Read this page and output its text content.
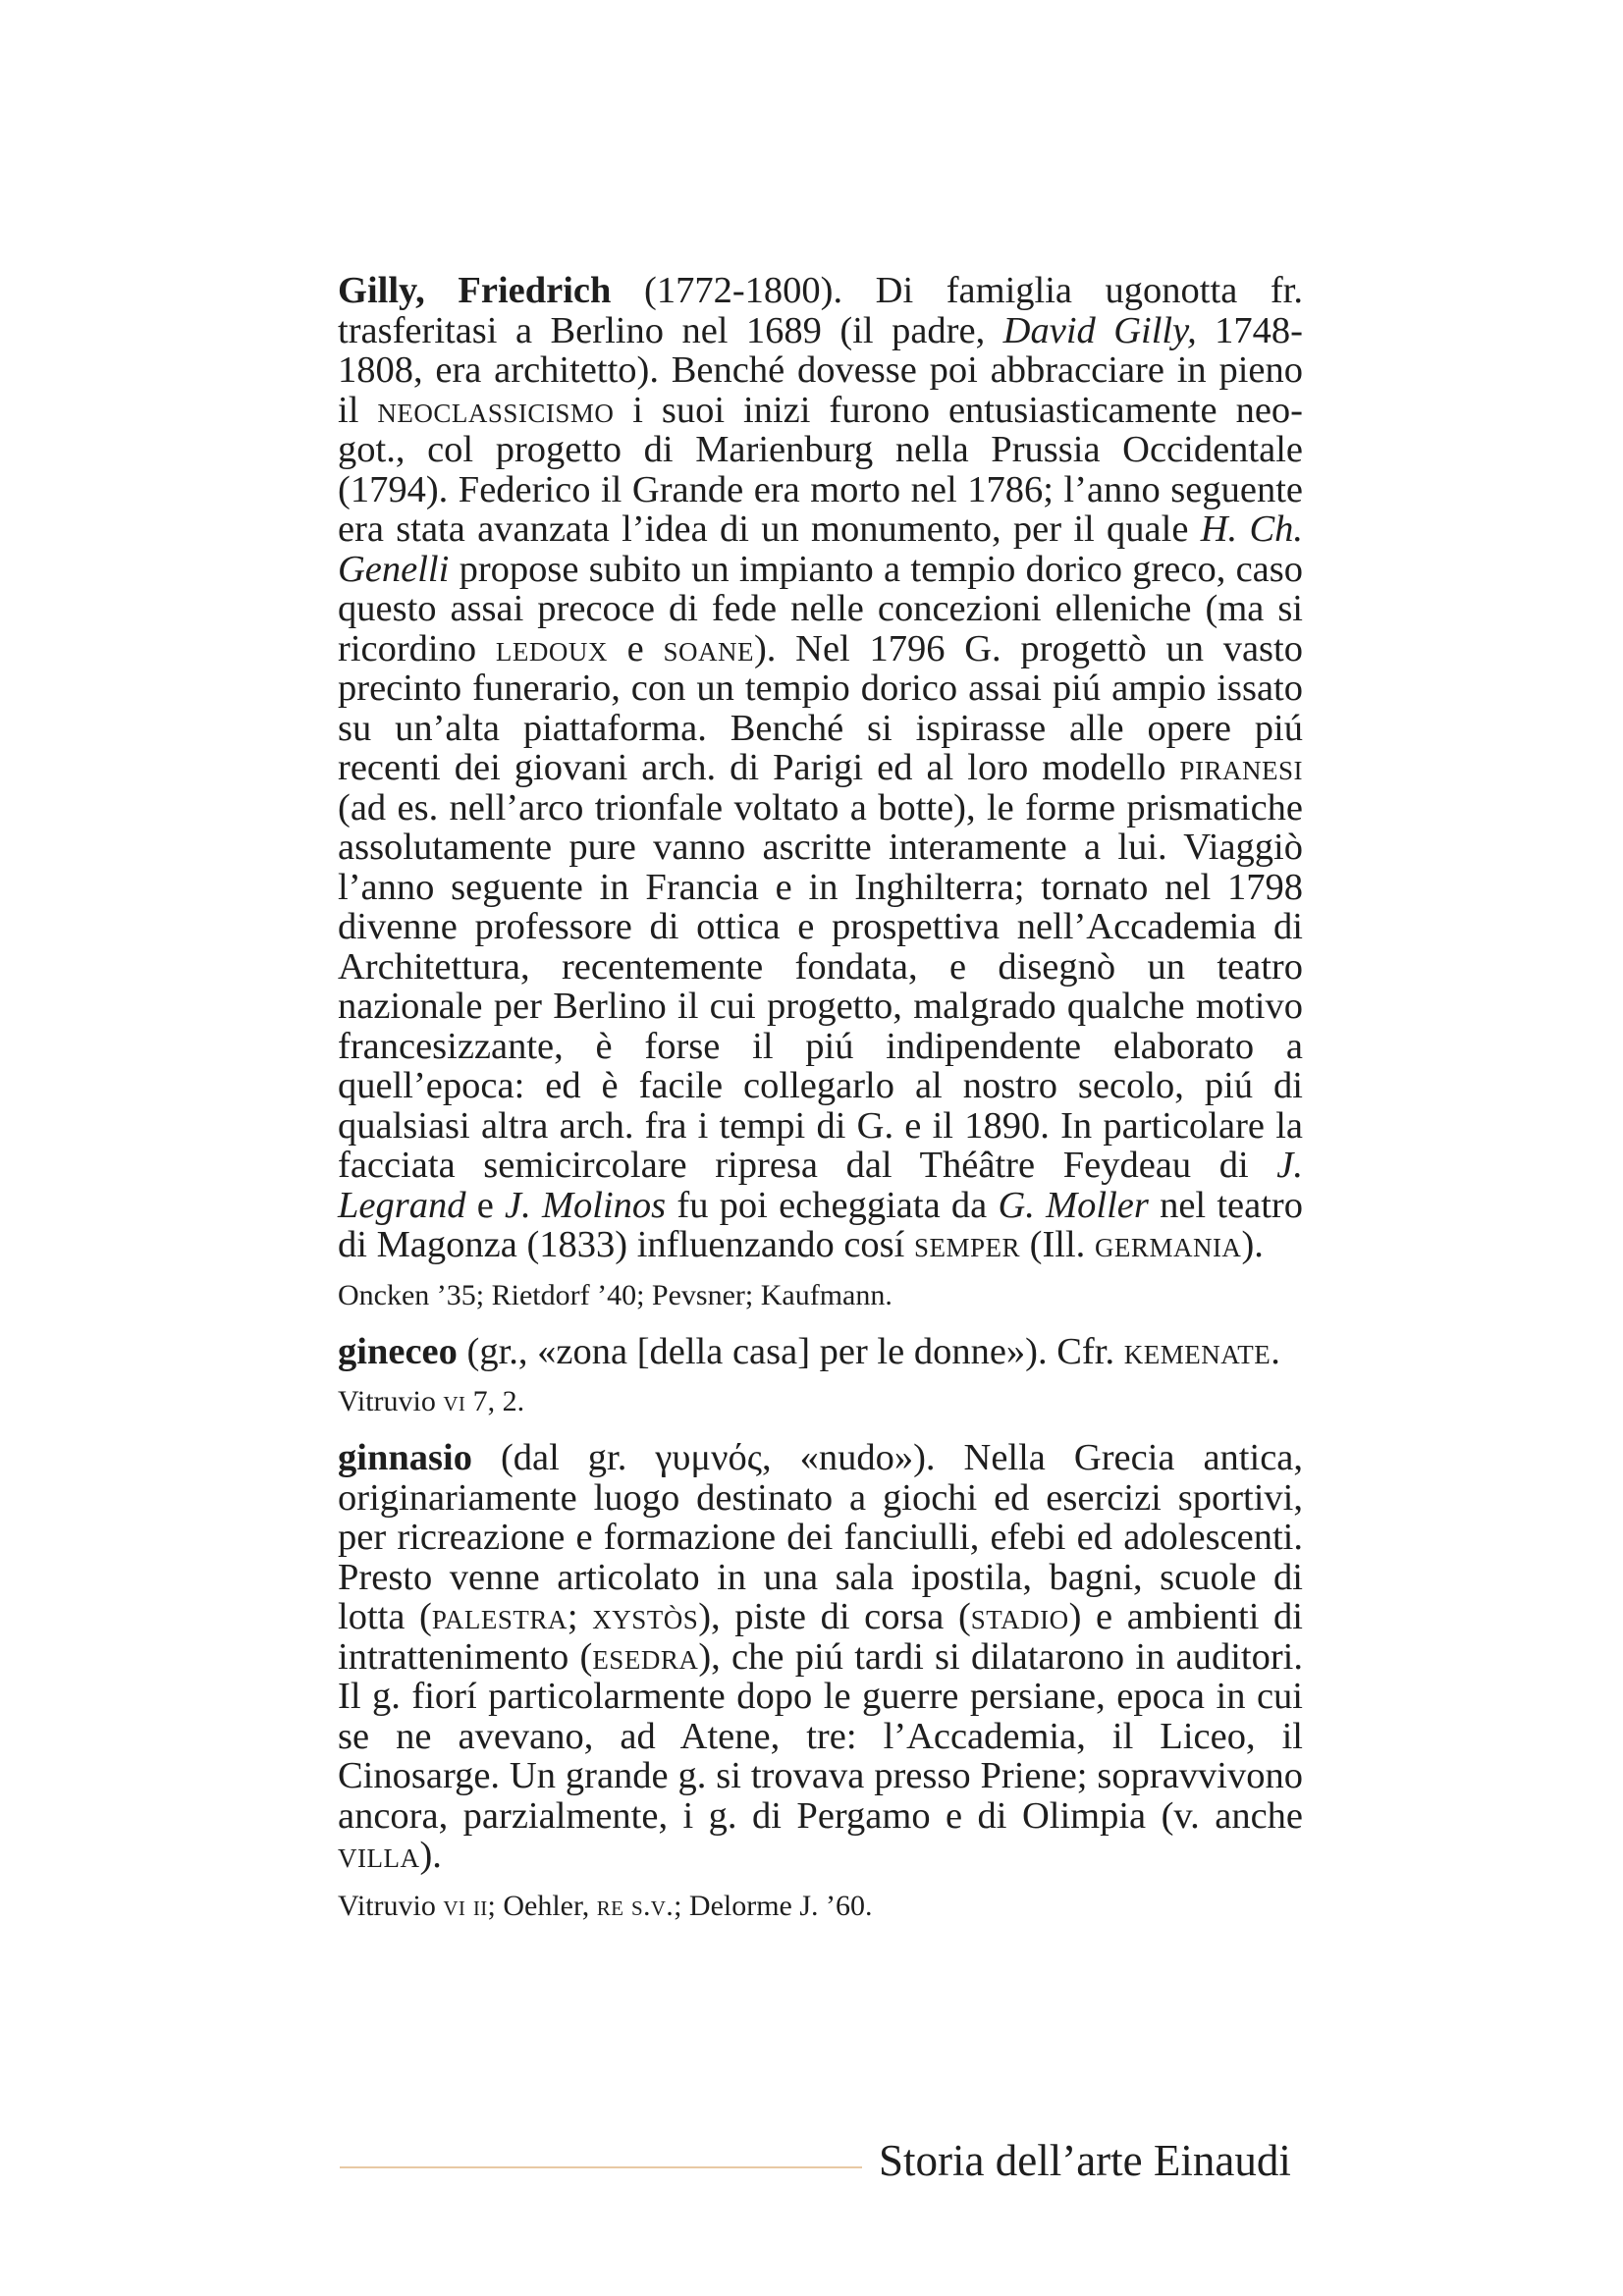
Gilly, Friedrich (1772-1800). Di famiglia ugonotta fr. trasferitasi a Berlino nel 1689 (il padre, David Gilly, 1748-1808, era architetto). Benché dovesse poi abbracciare in pieno il neoclassicismo i suoi inizi furono entusiasticamente neo-got., col progetto di Marienburg nella Prussia Occidentale (1794). Federico il Grande era morto nel 1786; l’anno seguente era stata avanzata l’idea di un monumento, per il quale H. Ch. Genelli propose subito un impianto a tempio dorico greco, caso questo assai precoce di fede nelle concezioni elleniche (ma si ricordino ledoux e soane). Nel 1796 G. progettò un vasto precinto funerario, con un tempio dorico assai piú ampio issato su un’alta piattaforma. Benché si ispirasse alle opere piú recenti dei giovani arch. di Parigi ed al loro modello piranesi (ad es. nell’arco trionfale voltato a botte), le forme prismatiche assolutamente pure vanno ascritte interamente a lui. Viaggiò l’anno seguente in Francia e in Inghilterra; tornato nel 1798 divenne professore di ottica e prospettiva nell’Accademia di Architettura, recentemente fondata, e disegnò un teatro nazionale per Berlino il cui progetto, malgrado qualche motivo francesizzante, è forse il piú indipendente elaborato a quell’epoca: ed è facile collegarlo al nostro secolo, piú di qualsiasi altra arch. fra i tempi di G. e il 1890. In particolare la facciata semicircolare ripresa dal Théâtre Feydeau di J. Legrand e J. Molinos fu poi echeggiata da G. Moller nel teatro di Magonza (1833) influenzando cosí semper (Ill. germania).

Oncken ’35; Rietdorf ’40; Pevsner; Kaufmann.

gineceo (gr., «zona [della casa] per le donne»). Cfr. kemenate.

Vitruvio vi 7, 2.

ginnasio (dal gr. γυμνός, «nudo»). Nella Grecia antica, originariamente luogo destinato a giochi ed esercizi sportivi, per ricreazione e formazione dei fanciulli, efebi ed adolescenti. Presto venne articolato in una sala ipostila, bagni, scuole di lotta (palestra; xystòs), piste di corsa (stadio) e ambienti di intrattenimento (esedra), che piú tardi si dilatarono in auditori. Il g. fiorí particolarmente dopo le guerre persiane, epoca in cui se ne avevano, ad Atene, tre: l’Accademia, il Liceo, il Cinosarge. Un grande g. si trovava presso Priene; sopravvivono ancora, parzialmente, i g. di Pergamo e di Olimpia (v. anche villa).

Vitruvio vi ii; Oehler, re s.v.; Delorme J. ’60.

Storia dell’arte Einaudi
